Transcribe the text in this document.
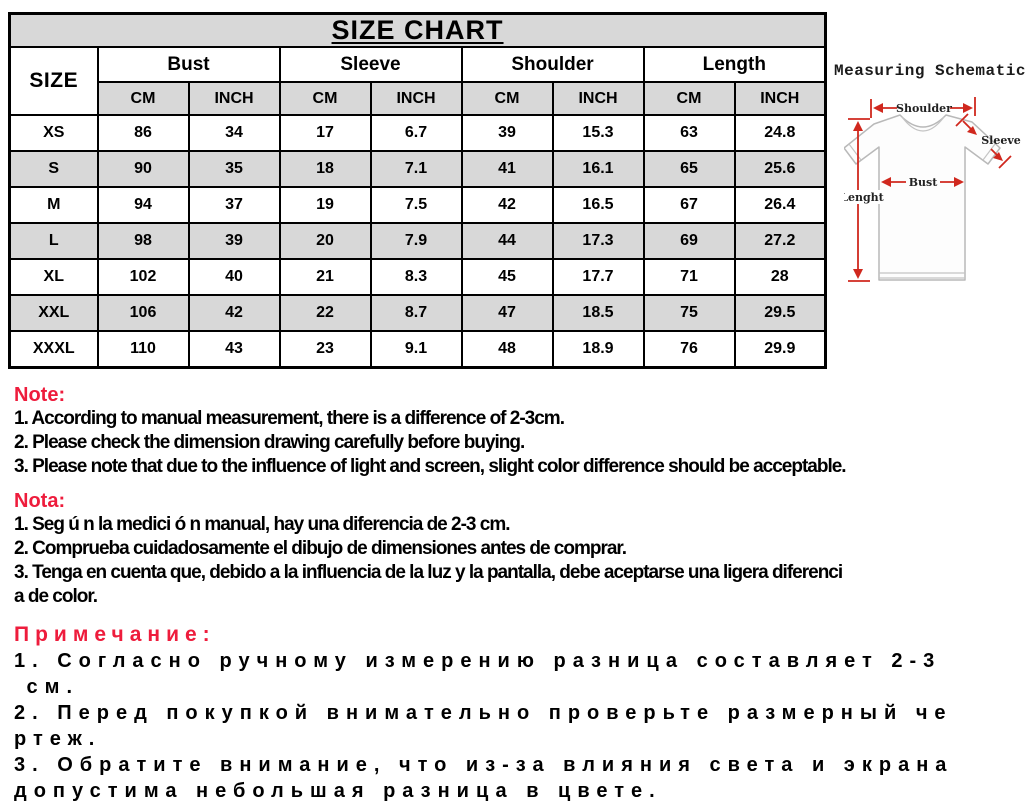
SIZE CHART								
SIZE	Bust		Sleeve		Shoulder		Length	
	CM	INCH	CM	INCH	CM	INCH	CM	INCH
XS	86	34	17	6.7	39	15.3	63	24.8
S	90	35	18	7.1	41	16.1	65	25.6
M	94	37	19	7.5	42	16.5	67	26.4
L	98	39	20	7.9	44	17.3	69	27.2
XL	102	40	21	8.3	45	17.7	71	28
XXL	106	42	22	8.7	47	18.5	75	29.5
XXXL	110	43	23	9.1	48	18.9	76	29.9
Measuring Schematic
Shoulder
Sleeve
Bust
Lenght
Note:
1. According to manual measurement, there is a difference of 2-3cm.
2. Please check the dimension drawing carefully before buying.
3. Please note that due to the influence of light and screen, slight color difference should be acceptable.
Nota:
1. Seg ú n la medici ó n manual, hay una diferencia de 2-3 cm.
2. Comprueba cuidadosamente el dibujo de dimensiones antes de comprar.
3. Tenga en cuenta que, debido a la influencia de la luz y la pantalla, debe aceptarse una ligera diferenci
a de color.
Примечание:
1. Согласно ручному измерению разница составляет 2-3
см.
2. Перед покупкой внимательно проверьте размерный че
ртеж.
3. Обратите внимание, что из-за влияния света и экрана
допустима небольшая разница в цвете.
